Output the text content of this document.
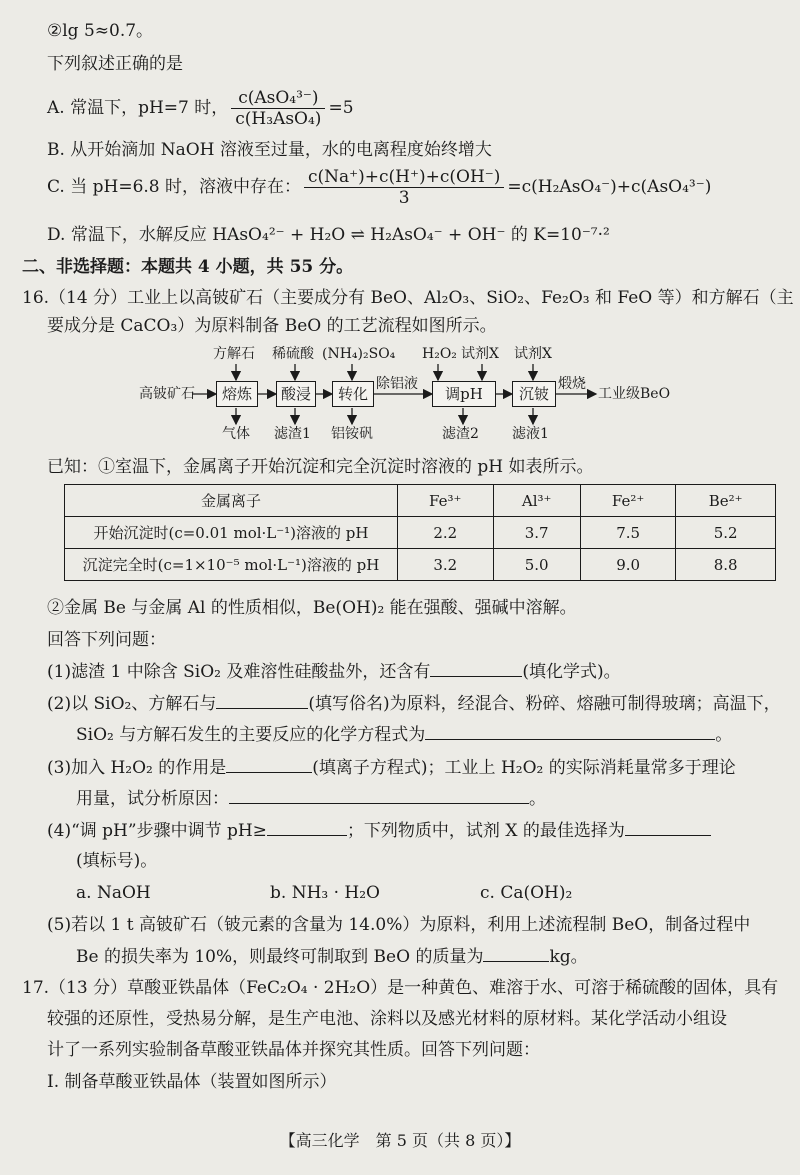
②lg 5≈0.7。
下列叙述正确的是
A. 常温下，pH=7 时， $\frac{\text{c(AsO₄³⁻)}}{\text{c(H₃AsO₄)}} =5$
B. 从开始滴加 NaOH 溶液至过量，水的电离程度始终增大
C. 当 pH=6.8 时，溶液中存在： $\frac{c(Na^+)+c(H^+)+c(OH^-)}{3} =c(H_2AsO_4^-)+c(AsO_4^{3-})$
D. 常温下，水解反应 HAsO₄²⁻ + H₂O ⇌ H₂AsO₄⁻ + OH⁻ 的 K=10⁻⁷·²
二、非选择题：本题共 4 小题，共 55 分。
16.（14 分）工业上以高铍矿石（主要成分有 BeO、Al₂O₃、SiO₂、Fe₂O₃ 和 FeO 等）和方解石（主
要成分是 CaCO₃）为原料制备 BeO 的工艺流程如图所示。
高铍矿石	熔炼	酸浸	转化	调pH	沉铍
方解石 稀硫酸 (NH₄)₂SO₄ H₂O₂ 试剂X 试剂X
气体 滤渣1 铝铵矾	滤渣2 滤液1
除铝液	煅烧
工业级BeO
已知：①室温下，金属离子开始沉淀和完全沉淀时溶液的 pH 如表所示。
金属离子	Fe³⁺	Al³⁺	Fe²⁺	Be²⁺
开始沉淀时(c=0.01 mol·L⁻¹)溶液的 pH	2.2	3.7	7.5	5.2
沉淀完全时(c=1×10⁻⁵ mol·L⁻¹)溶液的 pH	3.2	5.0	9.0	8.8
②金属 Be 与金属 Al 的性质相似，Be(OH)₂ 能在强酸、强碱中溶解。
回答下列问题：
(1)滤渣 1 中除含 SiO₂ 及难溶性硅酸盐外，还含有	(填化学式)。
(2)以 SiO₂、方解石与	(填写俗名)为原料，经混合、粉碎、熔融可制得玻璃；高温下，
SiO₂ 与方解石发生的主要反应的化学方程式为	。
(3)加入 H₂O₂ 的作用是	(填离子方程式)；工业上 H₂O₂ 的实际消耗量常多于理论
用量，试分析原因：	。
(4)“调 pH”步骤中调节 pH≥	；下列物质中，试剂 X 的最佳选择为
(填标号)。
a. NaOH	b. NH₃ · H₂O	c. Ca(OH)₂
(5)若以 1 t 高铍矿石（铍元素的含量为 14.0%）为原料，利用上述流程制 BeO，制备过程中
Be 的损失率为 10%，则最终可制取到 BeO 的质量为	kg。
17.（13 分）草酸亚铁晶体（FeC₂O₄ · 2H₂O）是一种黄色、难溶于水、可溶于稀硫酸的固体，具有
较强的还原性，受热易分解，是生产电池、涂料以及感光材料的原材料。某化学活动小组设
计了一系列实验制备草酸亚铁晶体并探究其性质。回答下列问题：
Ⅰ. 制备草酸亚铁晶体（装置如图所示）
【高三化学　第 5 页（共 8 页）】
